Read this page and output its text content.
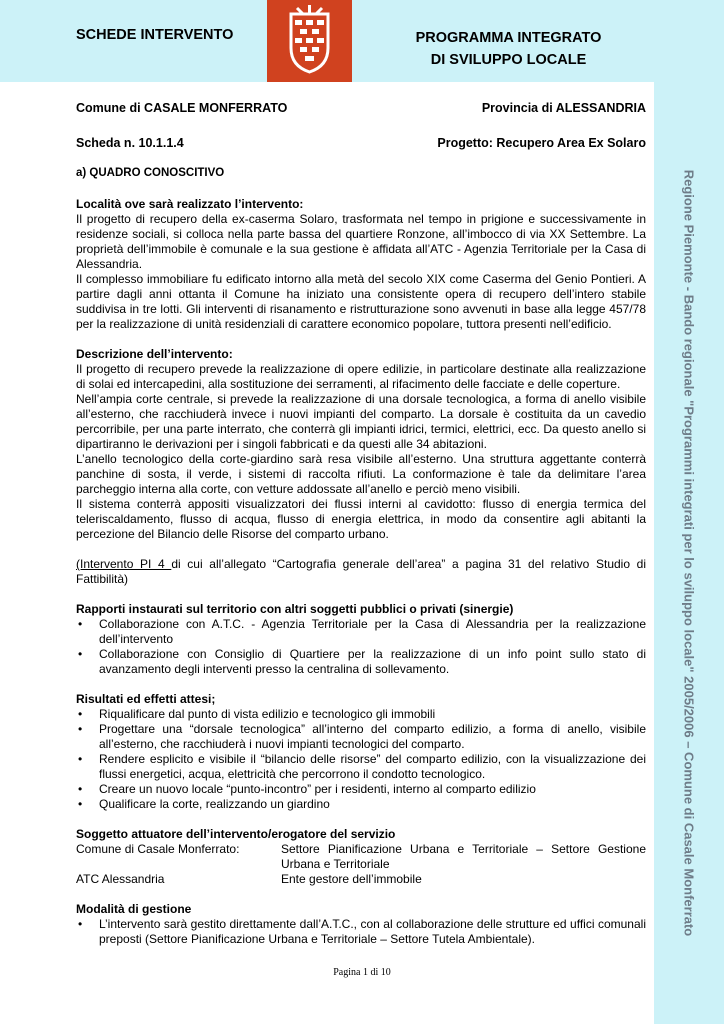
SCHEDE INTERVENTO	PROGRAMMA INTEGRATO
DI SVILUPPO LOCALE
Regione Piemonte - Bando regionale "Programmi integrati per lo sviluppo locale" 2005/2006 – Comune di Casale Monferrato
Comune di CASALE MONFERRATO	Provincia di ALESSANDRIA
Scheda n. 10.1.1.4	Progetto: Recupero Area Ex Solaro
a) QUADRO CONOSCITIVO
Località ove sarà realizzato l’intervento:

Il progetto di recupero della ex-caserma Solaro, trasformata nel tempo in prigione e successivamente in residenze sociali, si colloca nella parte bassa del quartiere Ronzone, all’imbocco di via XX Settembre. La proprietà dell’immobile è comunale e la sua gestione è affidata all’ATC - Agenzia Territoriale per la Casa di Alessandria.

Il complesso immobiliare fu edificato intorno alla metà del secolo XIX come Caserma del Genio Pontieri. A partire dagli anni ottanta il Comune ha iniziato una consistente opera di recupero dell’intero stabile suddivisa in tre lotti. Gli interventi di risanamento e ristrutturazione sono avvenuti in base alla legge 457/78 per la realizzazione di unità residenziali di carattere economico popolare, tuttora presenti nell’edificio.

Descrizione dell’intervento:

Il progetto di recupero prevede la realizzazione di opere edilizie, in particolare destinate alla realizzazione di solai ed intercapedini, alla sostituzione dei serramenti, al rifacimento delle facciate e delle coperture.

Nell’ampia corte centrale, si prevede la realizzazione di una dorsale tecnologica, a forma di anello visibile all’esterno, che racchiuderà invece i nuovi impianti del comparto. La dorsale è costituita da un cavedio percorribile, per una parte interrato, che conterrà gli impianti idrici, termici, elettrici, ecc. Da questo anello si dipartiranno le derivazioni per i singoli fabbricati e da questi alle 34 abitazioni.

L’anello tecnologico della corte-giardino sarà resa visibile all’esterno. Una struttura aggettante conterrà panchine di sosta, il verde, i sistemi di raccolta rifiuti. La conformazione è tale da delimitare l’area parcheggio interna alla corte, con vetture addossate all’anello e perciò meno visibili.

Il sistema conterrà appositi visualizzatori dei flussi interni al cavidotto: flusso di energia termica del teleriscaldamento, flusso di acqua, flusso di energia elettrica, in modo da consentire agli abitanti la percezione del Bilancio delle Risorse del comparto urbano.

(Intervento PI 4 di cui all’allegato “Cartografia generale dell’area” a pagina 31 del relativo Studio di Fattibilità)

Rapporti instaurati sul territorio con altri soggetti pubblici o privati (sinergie)
• Collaborazione con A.T.C. - Agenzia Territoriale per la Casa di Alessandria per la realizzazione dell’intervento
• Collaborazione con Consiglio di Quartiere per la realizzazione di un info point sullo stato di avanzamento degli interventi presso la centralina di sollevamento.
Risultati ed effetti attesi;
• Riqualificare dal punto di vista edilizio e tecnologico gli immobili
• Progettare una “dorsale tecnologica” all’interno del comparto edilizio, a forma di anello, visibile all’esterno, che racchiuderà i nuovi impianti tecnologici del comparto.
• Rendere esplicito e visibile il “bilancio delle risorse” del comparto edilizio, con la visualizzazione dei flussi energetici, acqua, elettricità che percorrono il condotto tecnologico.
• Creare un nuovo locale “punto-incontro” per i residenti, interno al comparto edilizio
• Qualificare la corte, realizzando un giardino
Soggetto attuatore dell’intervento/erogatore del servizio
Comune di Casale Monferrato:	Settore Pianificazione Urbana e Territoriale – Settore Gestione Urbana e Territoriale
ATC Alessandria	Ente gestore dell’immobile
Modalità di gestione
• L’intervento sarà gestito direttamente dall’A.T.C., con al collaborazione delle strutture ed uffici comunali preposti (Settore Pianificazione Urbana e Territoriale – Settore Tutela Ambientale).
Pagina 1 di 10
